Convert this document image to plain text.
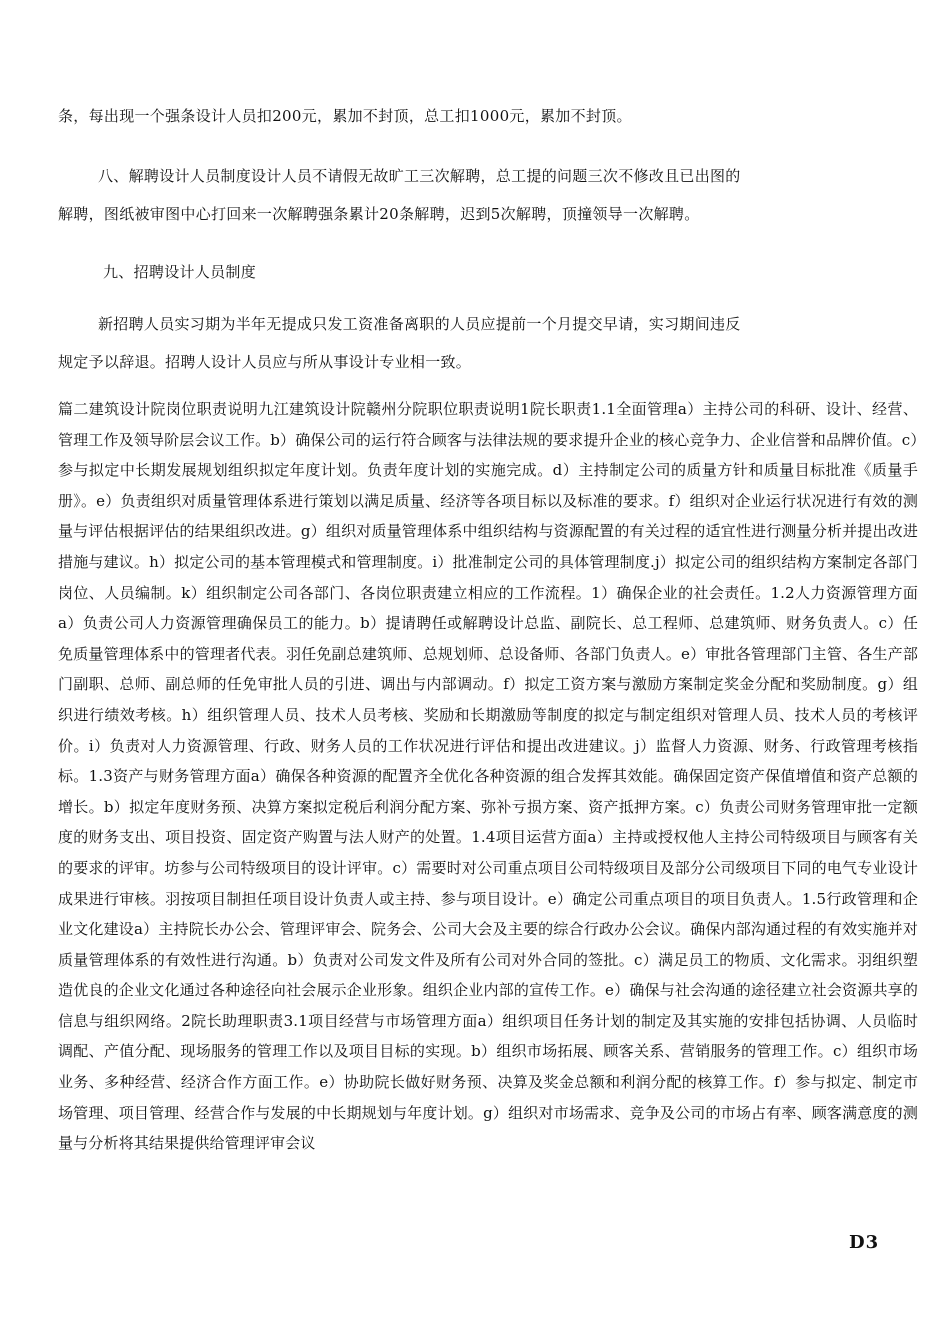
条，每出现一个强条设计人员扣200元，累加不封顶，总工扣1000元，累加不封顶。
八、解聘设计人员制度设计人员不请假无故旷工三次解聘，总工提的问题三次不修改且已出图的
解聘，图纸被审图中心打回来一次解聘强条累计20条解聘，迟到5次解聘，顶撞领导一次解聘。
九、招聘设计人员制度
新招聘人员实习期为半年无提成只发工资准备离职的人员应提前一个月提交早请，实习期间违反
规定予以辞退。招聘人设计人员应与所从事设计专业相一致。
篇二建筑设计院岗位职责说明九江建筑设计院赣州分院职位职责说明1院长职责1.1全面管理a）主持公司的科研、设计、经营、管理工作及领导阶层会议工作。b）确保公司的运行符合顾客与法律法规的要求提升企业的核心竞争力、企业信誉和品牌价值。c）参与拟定中长期发展规划组织拟定年度计划。负责年度计划的实施完成。d）主持制定公司的质量方针和质量目标批准《质量手册》。e）负责组织对质量管理体系进行策划以满足质量、经济等各项目标以及标准的要求。f）组织对企业运行状况进行有效的测量与评估根据评估的结果组织改进。g）组织对质量管理体系中组织结构与资源配置的有关过程的适宜性进行测量分析并提出改进措施与建议。h）拟定公司的基本管理模式和管理制度。i）批准制定公司的具体管理制度.j）拟定公司的组织结构方案制定各部门岗位、人员编制。k）组织制定公司各部门、各岗位职责建立相应的工作流程。1）确保企业的社会责任。1.2人力资源管理方面a）负责公司人力资源管理确保员工的能力。b）提请聘任或解聘设计总监、副院长、总工程师、总建筑师、财务负责人。c）任免质量管理体系中的管理者代表。羽任免副总建筑师、总规划师、总设备师、各部门负责人。e）审批各管理部门主管、各生产部门副职、总师、副总师的任免审批人员的引进、调出与内部调动。f）拟定工资方案与激励方案制定奖金分配和奖励制度。g）组织进行绩效考核。h）组织管理人员、技术人员考核、奖励和长期激励等制度的拟定与制定组织对管理人员、技术人员的考核评价。i）负责对人力资源管理、行政、财务人员的工作状况进行评估和提出改进建议。j）监督人力资源、财务、行政管理考核指标。1.3资产与财务管理方面a）确保各种资源的配置齐全优化各种资源的组合发挥其效能。确保固定资产保值增值和资产总额的增长。b）拟定年度财务预、决算方案拟定税后利润分配方案、弥补亏损方案、资产抵押方案。c）负责公司财务管理审批一定额度的财务支出、项目投资、固定资产购置与法人财产的处置。1.4项目运营方面a）主持或授权他人主持公司特级项目与顾客有关的要求的评审。坊参与公司特级项目的设计评审。c）需要时对公司重点项目公司特级项目及部分公司级项目下同的电气专业设计成果进行审核。羽按项目制担任项目设计负责人或主持、参与项目设计。e）确定公司重点项目的项目负责人。1.5行政管理和企业文化建设a）主持院长办公会、管理评审会、院务会、公司大会及主要的综合行政办公会议。确保内部沟通过程的有效实施并对质量管理体系的有效性进行沟通。b）负责对公司发文件及所有公司对外合同的签批。c）满足员工的物质、文化需求。羽组织塑造优良的企业文化通过各种途径向社会展示企业形象。组织企业内部的宣传工作。e）确保与社会沟通的途径建立社会资源共享的信息与组织网络。2院长助理职责3.1项目经营与市场管理方面a）组织项目任务计划的制定及其实施的安排包括协调、人员临时调配、产值分配、现场服务的管理工作以及项目目标的实现。b）组织市场拓展、顾客关系、营销服务的管理工作。c）组织市场业务、多种经营、经济合作方面工作。e）协助院长做好财务预、决算及奖金总额和利润分配的核算工作。f）参与拟定、制定市场管理、项目管理、经营合作与发展的中长期规划与年度计划。g）组织对市场需求、竞争及公司的市场占有率、顾客满意度的测量与分析将其结果提供给管理评审会议
D3
